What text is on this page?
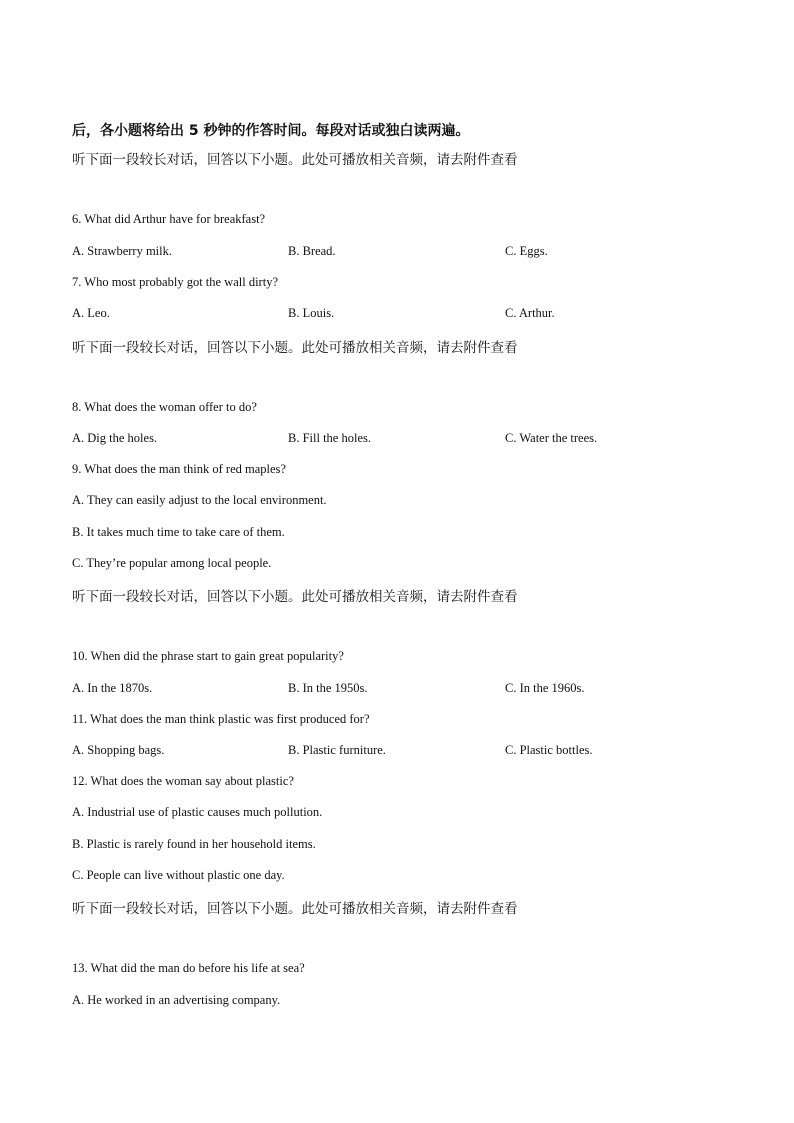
后，各小题将给出 5 秒钟的作答时间。每段对话或独白读两遍。
听下面一段较长对话，回答以下小题。此处可播放相关音频，请去附件查看
6. What did Arthur have for breakfast?
A. Strawberry milk.	B. Bread.	C. Eggs.
7. Who most probably got the wall dirty?
A. Leo.	B. Louis.	C. Arthur.
听下面一段较长对话，回答以下小题。此处可播放相关音频，请去附件查看
8. What does the woman offer to do?
A. Dig the holes.	B. Fill the holes.	C. Water the trees.
9. What does the man think of red maples?
A. They can easily adjust to the local environment.
B. It takes much time to take care of them.
C. They’re popular among local people.
听下面一段较长对话，回答以下小题。此处可播放相关音频，请去附件查看
10. When did the phrase start to gain great popularity?
A. In the 1870s.	B. In the 1950s.	C. In the 1960s.
11. What does the man think plastic was first produced for?
A. Shopping bags.	B. Plastic furniture.	C. Plastic bottles.
12. What does the woman say about plastic?
A. Industrial use of plastic causes much pollution.
B. Plastic is rarely found in her household items.
C. People can live without plastic one day.
听下面一段较长对话，回答以下小题。此处可播放相关音频，请去附件查看
13. What did the man do before his life at sea?
A. He worked in an advertising company.
